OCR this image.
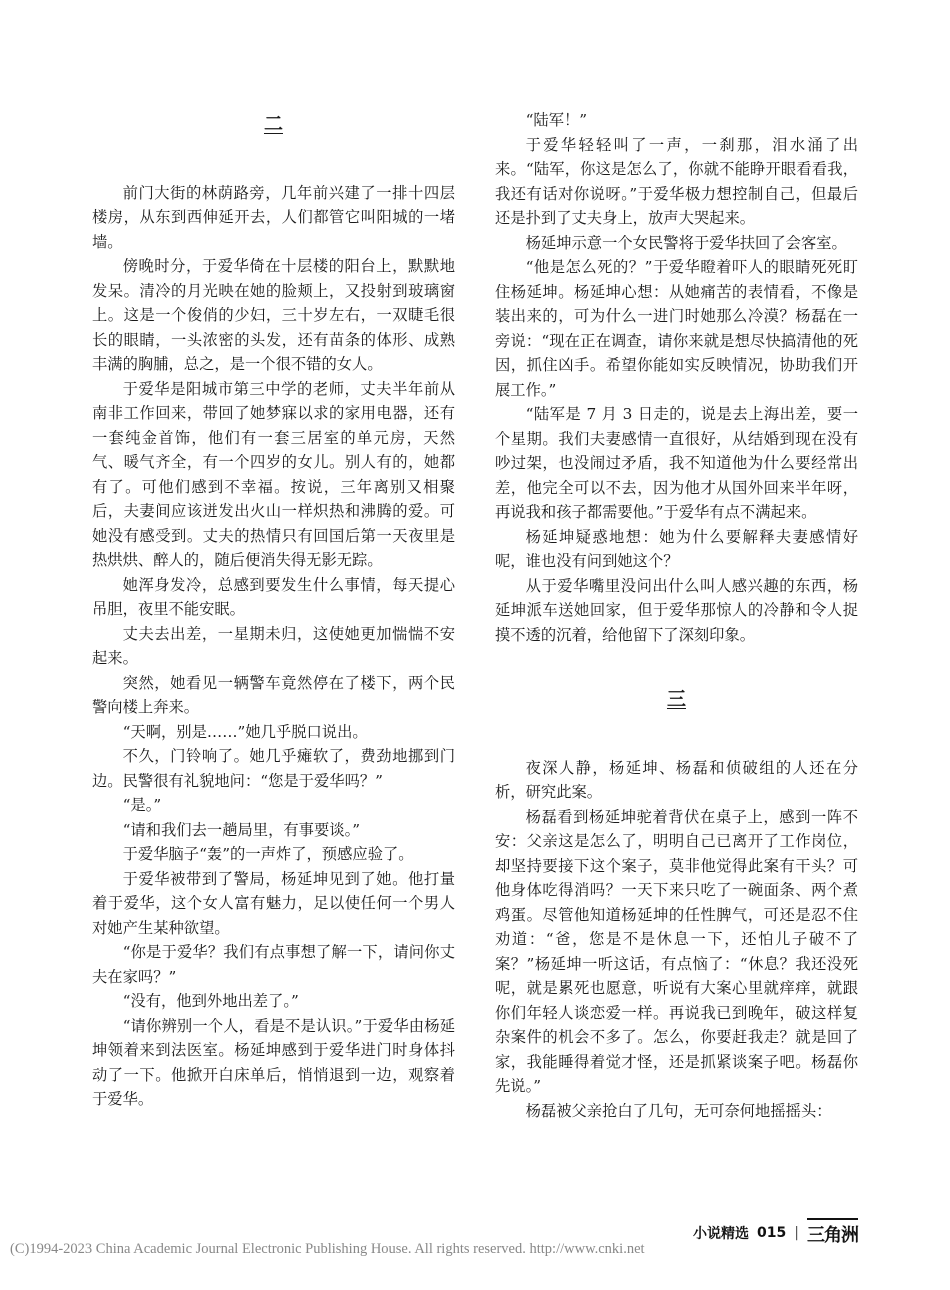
二

前门大街的林荫路旁，几年前兴建了一排十四层楼房，从东到西伸延开去，人们都管它叫阳城的一堵墙。

傍晚时分，于爱华倚在十层楼的阳台上，默默地发呆。清冷的月光映在她的脸颊上，又投射到玻璃窗上。这是一个俊俏的少妇，三十岁左右，一双睫毛很长的眼睛，一头浓密的头发，还有苗条的体形、成熟丰满的胸脯，总之，是一个很不错的女人。

于爱华是阳城市第三中学的老师，丈夫半年前从南非工作回来，带回了她梦寐以求的家用电器，还有一套纯金首饰，他们有一套三居室的单元房，天然气、暖气齐全，有一个四岁的女儿。别人有的，她都有了。可他们感到不幸福。按说，三年离别又相聚后，夫妻间应该迸发出火山一样炽热和沸腾的爱。可她没有感受到。丈夫的热情只有回国后第一天夜里是热烘烘、醉人的，随后便消失得无影无踪。

她浑身发冷，总感到要发生什么事情，每天提心吊胆，夜里不能安眠。

丈夫去出差，一星期未归，这使她更加惴惴不安起来。

突然，她看见一辆警车竟然停在了楼下，两个民警向楼上奔来。

“天啊，别是……”她几乎脱口说出。

不久，门铃响了。她几乎瘫软了，费劲地挪到门边。民警很有礼貌地问：“您是于爱华吗？”

“是。”

“请和我们去一趟局里，有事要谈。”

于爱华脑子“轰”的一声炸了，预感应验了。

于爱华被带到了警局，杨延坤见到了她。他打量着于爱华，这个女人富有魅力，足以使任何一个男人对她产生某种欲望。

“你是于爱华？我们有点事想了解一下，请问你丈夫在家吗？”

“没有，他到外地出差了。”

“请你辨别一个人，看是不是认识。”于爱华由杨延坤领着来到法医室。杨延坤感到于爱华进门时身体抖动了一下。他掀开白床单后，悄悄退到一边，观察着于爱华。

“陆军！”

于爱华轻轻叫了一声，一刹那，泪水涌了出来。“陆军，你这是怎么了，你就不能睁开眼看看我，我还有话对你说呀。”于爱华极力想控制自己，但最后还是扑到了丈夫身上，放声大哭起来。

杨延坤示意一个女民警将于爱华扶回了会客室。

“他是怎么死的？”于爱华瞪着吓人的眼睛死死盯住杨延坤。杨延坤心想：从她痛苦的表情看，不像是装出来的，可为什么一进门时她那么冷漠？杨磊在一旁说：“现在正在调查，请你来就是想尽快搞清他的死因，抓住凶手。希望你能如实反映情况，协助我们开展工作。”

“陆军是 7 月 3 日走的，说是去上海出差，要一个星期。我们夫妻感情一直很好，从结婚到现在没有吵过架，也没闹过矛盾，我不知道他为什么要经常出差，他完全可以不去，因为他才从国外回来半年呀，再说我和孩子都需要他。”于爱华有点不满起来。

杨延坤疑惑地想：她为什么要解释夫妻感情好呢，谁也没有问到她这个？

从于爱华嘴里没问出什么叫人感兴趣的东西，杨延坤派车送她回家，但于爱华那惊人的冷静和令人捉摸不透的沉着，给他留下了深刻印象。

三

夜深人静，杨延坤、杨磊和侦破组的人还在分析，研究此案。

杨磊看到杨延坤驼着背伏在桌子上，感到一阵不安：父亲这是怎么了，明明自己已离开了工作岗位，却坚持要接下这个案子，莫非他觉得此案有干头？可他身体吃得消吗？一天下来只吃了一碗面条、两个煮鸡蛋。尽管他知道杨延坤的任性脾气，可还是忍不住劝道：“爸，您是不是休息一下，还怕儿子破不了案？”杨延坤一听这话，有点恼了：“休息？我还没死呢，就是累死也愿意，听说有大案心里就痒痒，就跟你们年轻人谈恋爱一样。再说我已到晚年，破这样复杂案件的机会不多了。怎么，你要赶我走？就是回了家，我能睡得着觉才怪，还是抓紧谈案子吧。杨磊你先说。”

杨磊被父亲抢白了几句，无可奈何地摇摇头：

小说精选 015 | 三角洲
(C)1994-2023 China Academic Journal Electronic Publishing House. All rights reserved. http://www.cnki.net
